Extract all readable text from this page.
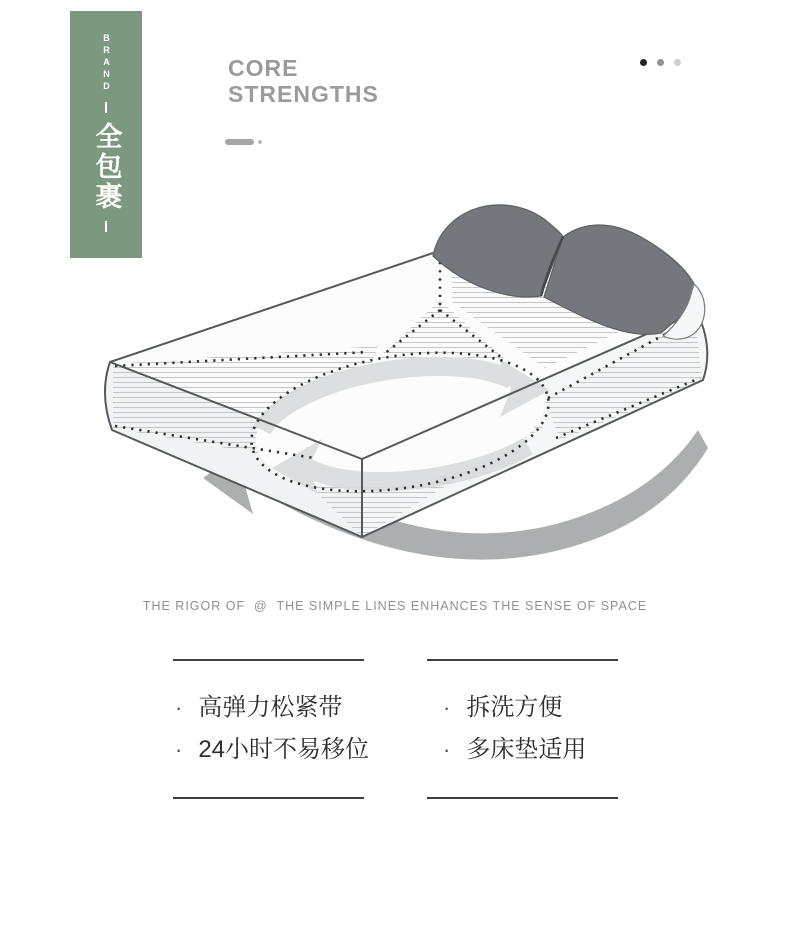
BRAND
全包裹
CORE
STRENGTHS
THE RIGOR OF  @  THE SIMPLE LINES ENHANCES THE SENSE OF SPACE
· 高弹力松紧带
· 24小时不易移位
· 拆洗方便
· 多床垫适用
